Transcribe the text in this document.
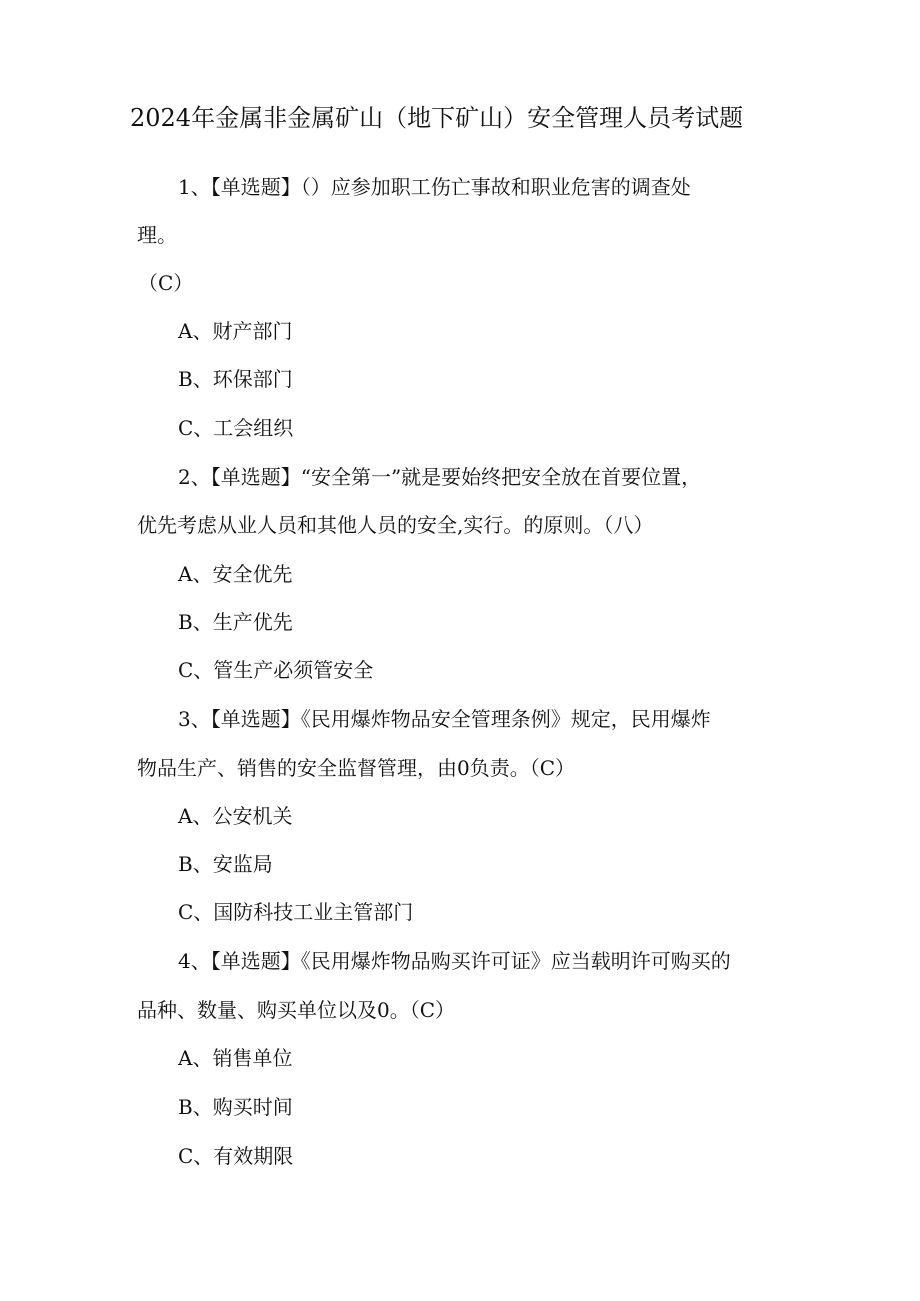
2024年金属非金属矿山（地下矿山）安全管理人员考试题
1、【单选题】（）应参加职工伤亡事故和职业危害的调查处
理。
（C）
A、财产部门
B、环保部门
C、工会组织
2、【单选题】“安全第一”就是要始终把安全放在首要位置，
优先考虑从业人员和其他人员的安全,实行。的原则。（八）
A、安全优先
B、生产优先
C、管生产必须管安全
3、【单选题】《民用爆炸物品安全管理条例》规定，民用爆炸
物品生产、销售的安全监督管理，由0负责。（C）
A、公安机关
B、安监局
C、国防科技工业主管部门
4、【单选题】《民用爆炸物品购买许可证》应当载明许可购买的
品种、数量、购买单位以及0。（C）
A、销售单位
B、购买时间
C、有效期限
